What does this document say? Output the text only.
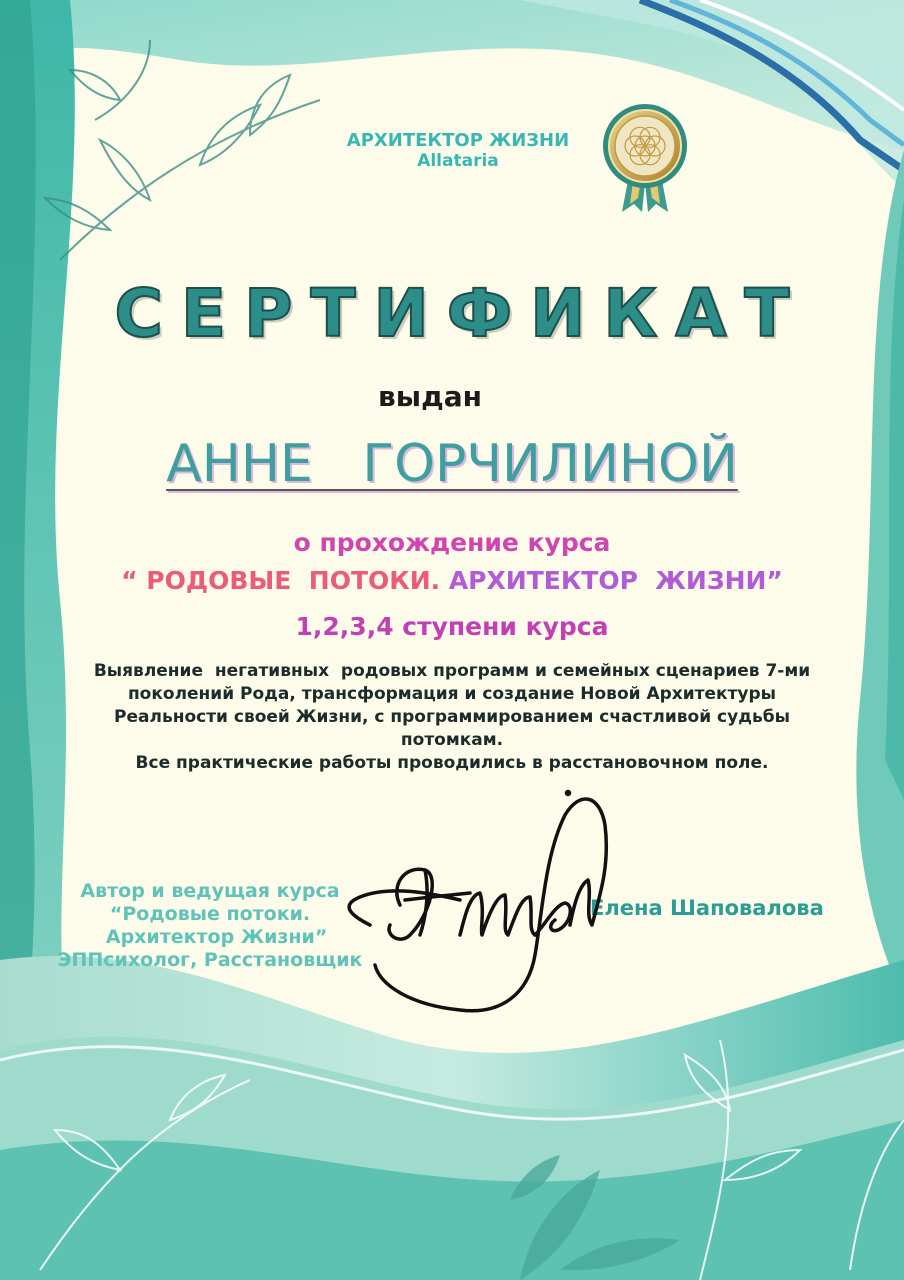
АРХИТЕКТОР ЖИЗНИ
Allataria
СЕРТИФИКАТ
выдан
АННЕ   ГОРЧИЛИНОЙ
о прохождение курса
“ РОДОВЫЕ  ПОТОКИ. АРХИТЕКТОР  ЖИЗНИ”
1,2,3,4 ступени курса
Выявление  негативных  родовых программ и семейных сценариев 7-ми
поколений Рода, трансформация и создание Новой Архитектуры
Реальности своей Жизни, с программированием счастливой судьбы
потомкам.
Все практические работы проводились в расстановочном поле.
Автор и ведущая курса
“Родовые потоки.
Архитектор Жизни”
ЭППсихолог, Расстановщик
Елена Шаповалова
